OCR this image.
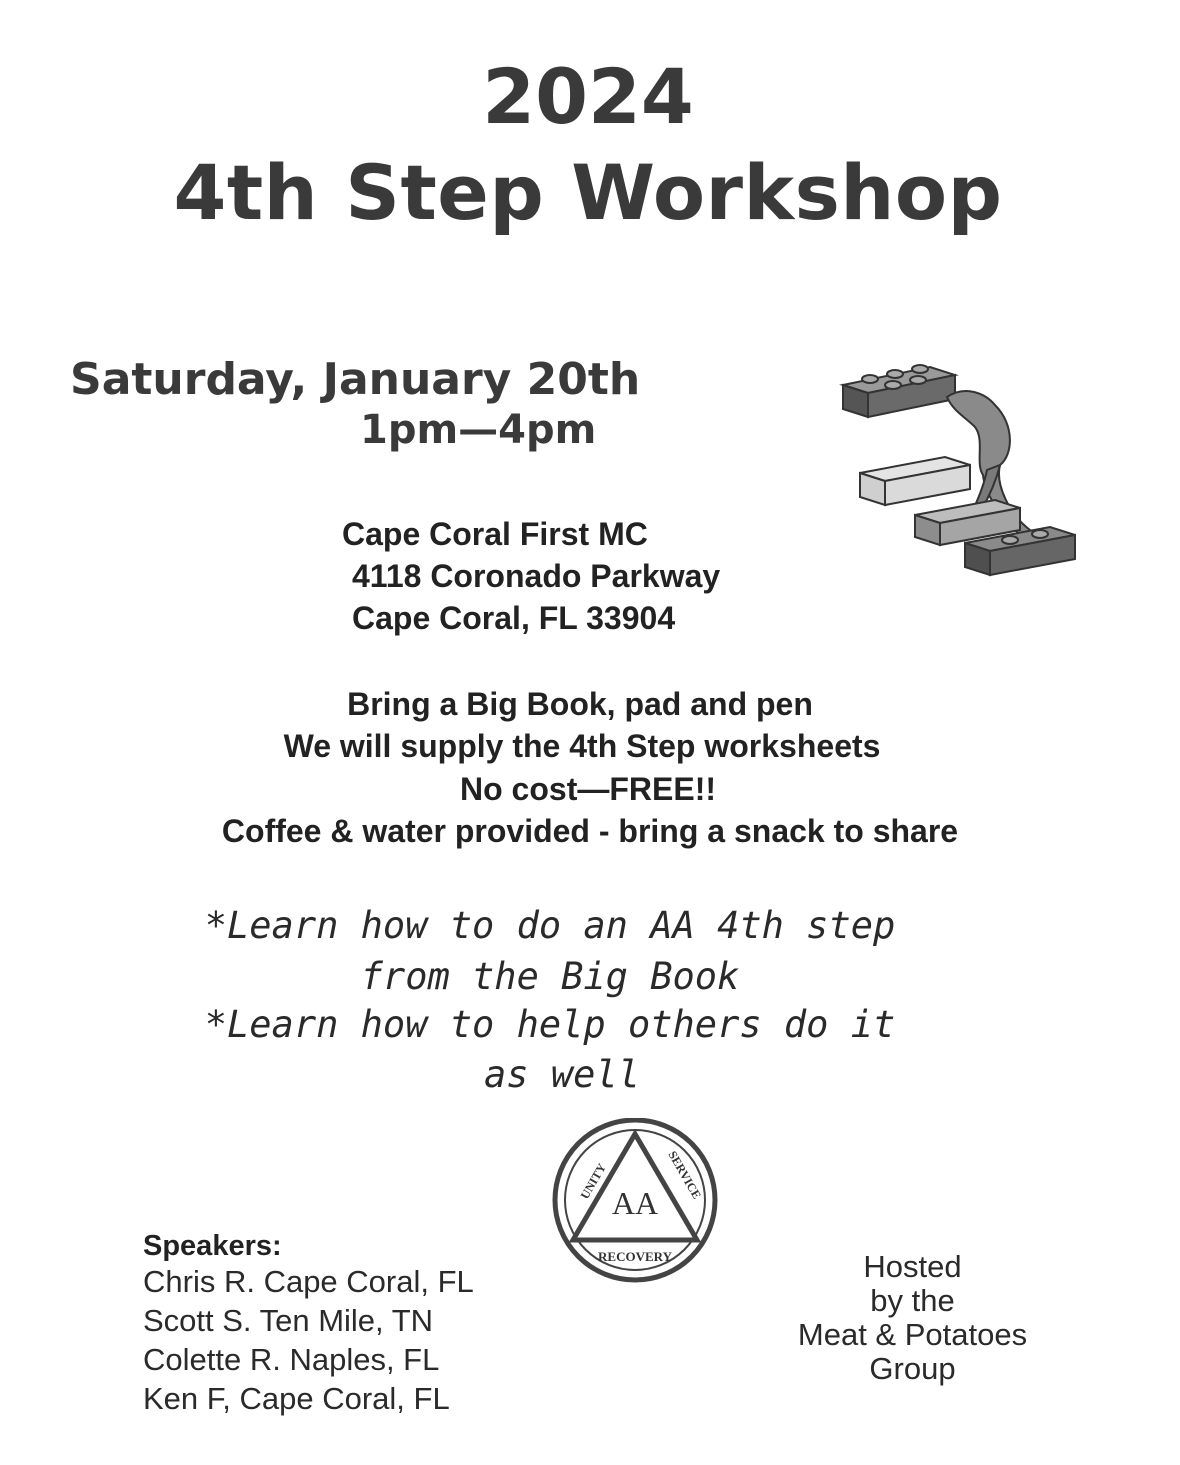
2024
4th Step Workshop
Saturday, January 20th
1pm—4pm
Cape Coral First MC
4118 Coronado Parkway
Cape Coral, FL 33904
Bring a Big Book, pad and pen
We will supply the 4th Step worksheets
No cost—FREE!!
Coffee & water provided - bring a snack to share
*Learn how to do an AA 4th step
from the Big Book
*Learn how to help others do it
as well
AA
UNITY	SERVICE
RECOVERY
Speakers:
Chris R. Cape Coral, FL
Scott S. Ten Mile, TN
Colette R. Naples, FL
Ken F, Cape Coral, FL
Hosted
by the
Meat & Potatoes
Group
